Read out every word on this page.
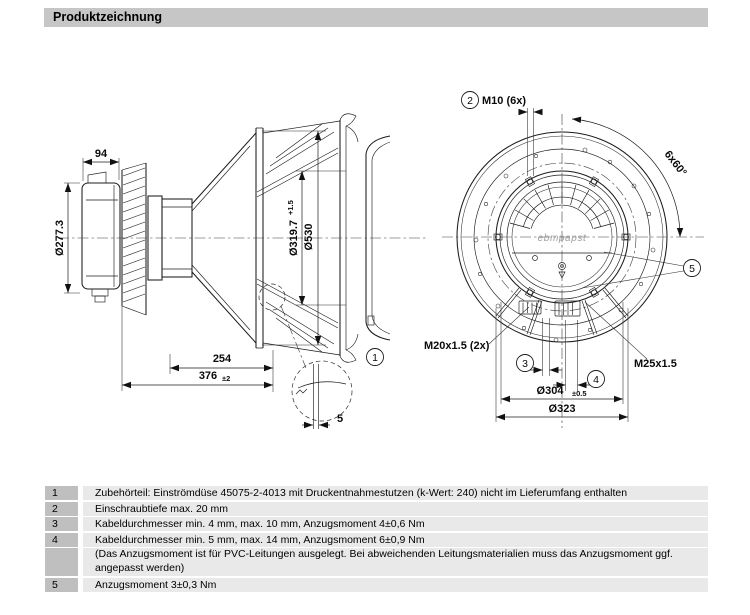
Produktzeichnung
94
Ø277.3	Ø319.7
+1.5
Ø530
254
376 ±2
5
1
2 M10 (6x)
6x60°
5
M20x1.5 (2x)
M25x1.5
3
4
Ø304 ±0.5
Ø323
ebmpapst
1	Zubehörteil: Einströmdüse 45075-2-4013 mit Druckentnahmestutzen (k-Wert: 240) nicht im Lieferumfang enthalten
2	Einschraubtiefe max. 20 mm
3	Kabeldurchmesser min. 4 mm, max. 10 mm, Anzugsmoment 4±0,6 Nm
4	Kabeldurchmesser min. 5 mm, max. 14 mm, Anzugsmoment 6±0,9 Nm
(Das Anzugsmoment ist für PVC-Leitungen ausgelegt. Bei abweichenden Leitungsmaterialien muss das Anzugsmoment ggf.
angepasst werden)
5	Anzugsmoment 3±0,3 Nm
